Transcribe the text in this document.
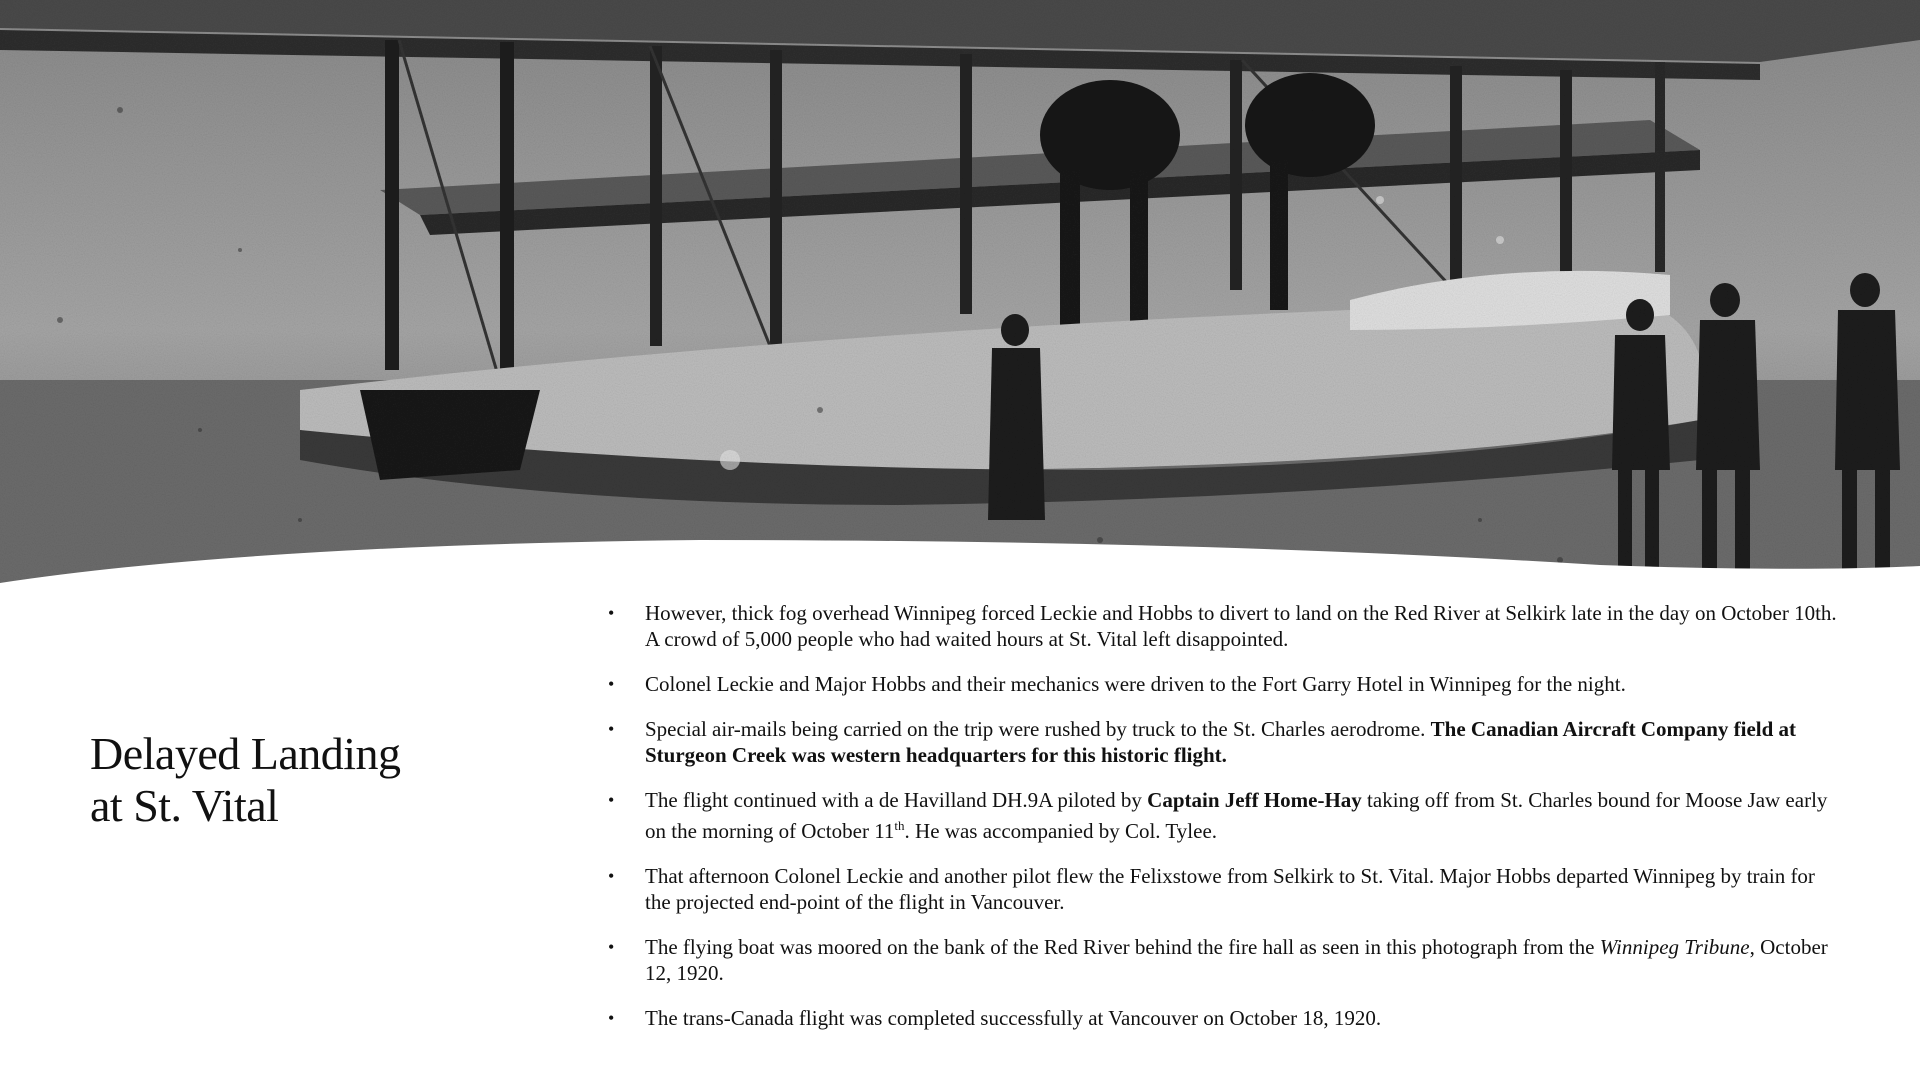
Delayed Landing
at St. Vital
• However, thick fog overhead Winnipeg forced Leckie and Hobbs to divert to land on the Red River at Selkirk late in the day on October 10th. A crowd of 5,000 people who had waited hours at St. Vital left disappointed.
• Colonel Leckie and Major Hobbs and their mechanics were driven to the Fort Garry Hotel in Winnipeg for the night.
• Special air-mails being carried on the trip were rushed by truck to the St. Charles aerodrome. The Canadian Aircraft Company field at Sturgeon Creek was western headquarters for this historic flight.
• The flight continued with a de Havilland DH.9A piloted by Captain Jeff Home-Hay taking off from St. Charles bound for Moose Jaw early on the morning of October 11th. He was accompanied by Col. Tylee.
• That afternoon Colonel Leckie and another pilot flew the Felixstowe from Selkirk to St. Vital. Major Hobbs departed Winnipeg by train for the projected end-point of the flight in Vancouver.
• The flying boat was moored on the bank of the Red River behind the fire hall as seen in this photograph from the Winnipeg Tribune, October 12, 1920.
• The trans-Canada flight was completed successfully at Vancouver on October 18, 1920.
